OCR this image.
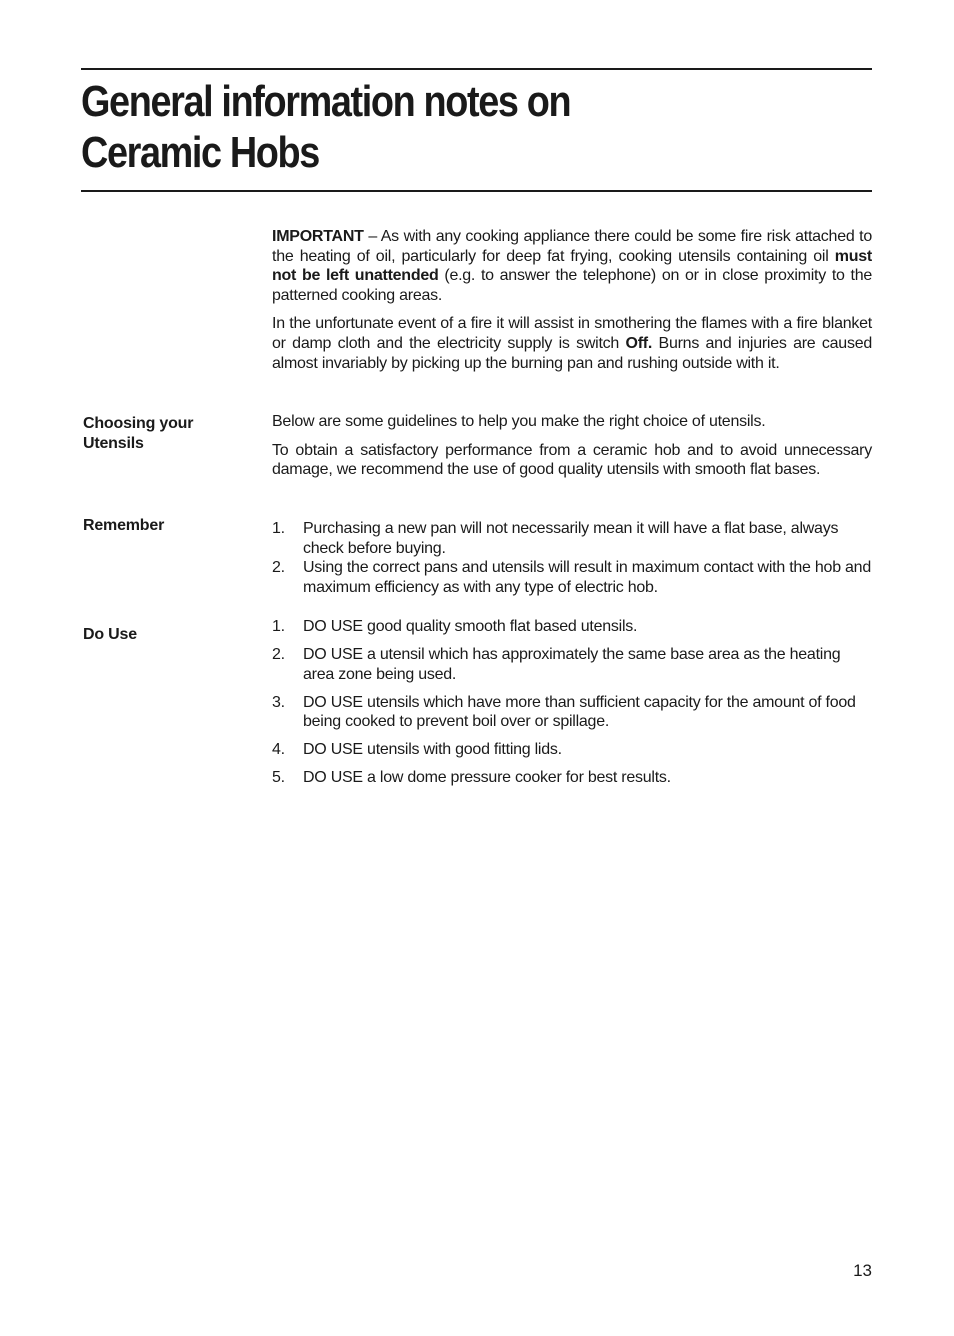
General information notes on
Ceramic Hobs

IMPORTANT – As with any cooking appliance there could be some fire risk attached to the heating of oil, particularly for deep fat frying, cooking utensils containing oil must not be left unattended (e.g. to answer the telephone) on or in close proximity to the patterned cooking areas.

In the unfortunate event of a fire it will assist in smothering the flames with a fire blanket or damp cloth and the electricity supply is switch Off. Burns and injuries are caused almost invariably by picking up the burning pan and rushing outside with it.

Choosing your Utensils

Below are some guidelines to help you make the right choice of utensils.

To obtain a satisfactory performance from a ceramic hob and to avoid unnecessary damage, we recommend the use of good quality utensils with smooth flat bases.

Remember	1.	Purchasing a new pan will not necessarily mean it will have a flat base, always check before buying.
2.	Using the correct pans and utensils will result in maximum contact with the hob and maximum efficiency as with any type of electric hob.
Do Use	1.	DO USE good quality smooth flat based utensils.
2.	DO USE a utensil which has approximately the same base area as the heating area zone being used.
3.	DO USE utensils which have more than sufficient capacity for the amount of food being cooked to prevent boil over or spillage.
4.	DO USE utensils with good fitting lids.
5.	DO USE a low dome pressure cooker for best results.
13
